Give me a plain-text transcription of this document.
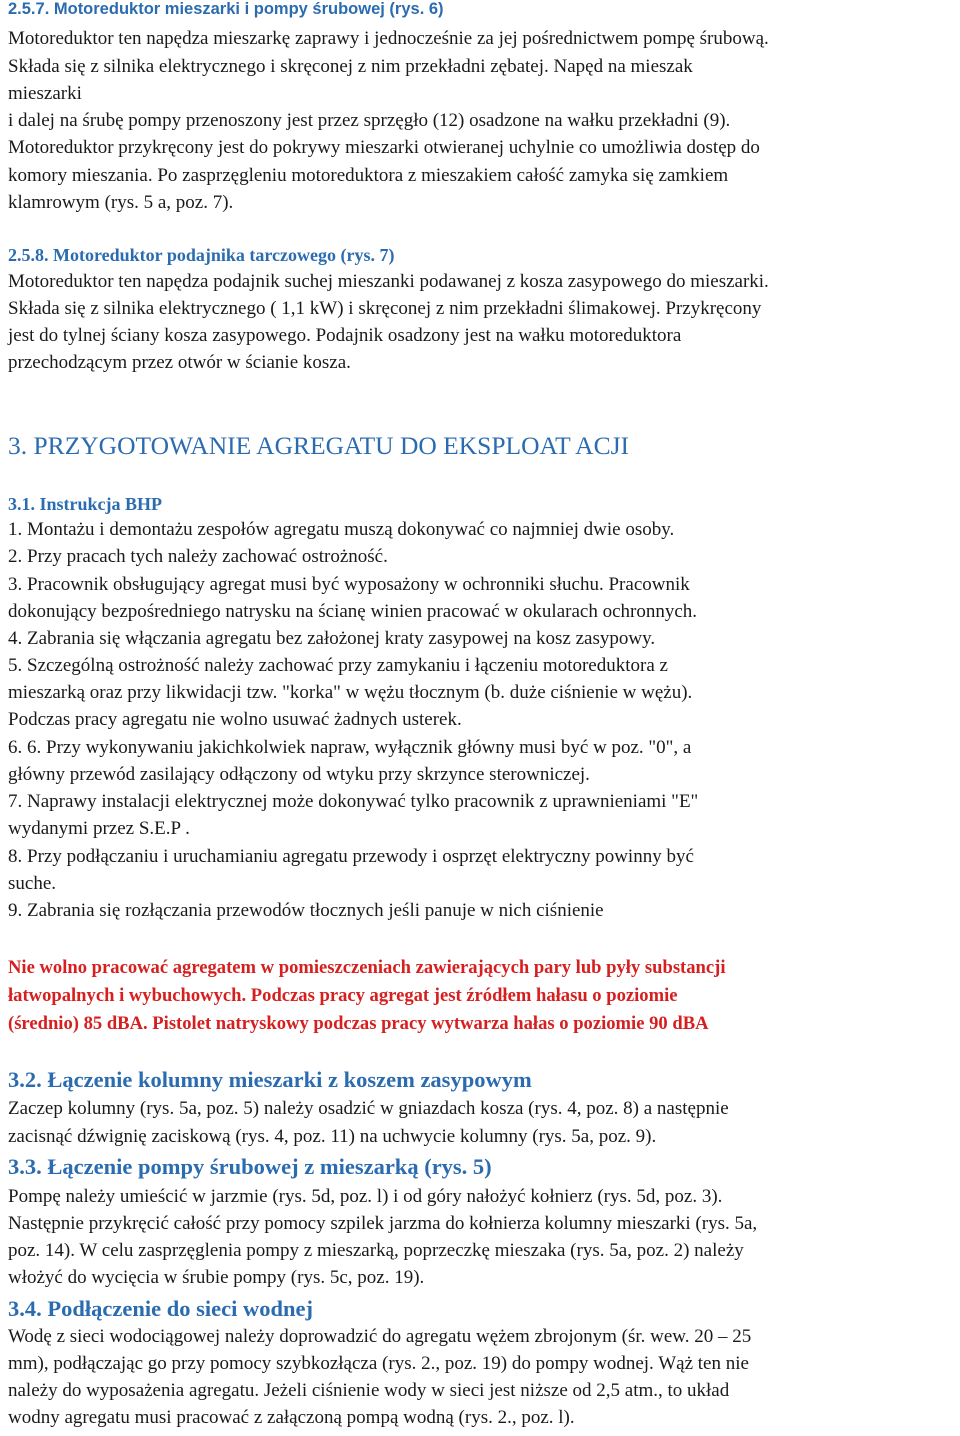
2.5.7. Motoreduktor mieszarki i pompy śrubowej (rys. 6)

Motoreduktor ten napędza mieszarkę zaprawy i jednocześnie za jej pośrednictwem pompę śrubową.

Składa się z silnika elektrycznego i skręconej z nim przekładni zębatej. Napęd na mieszak

mieszarki

i dalej na śrubę pompy przenoszony jest przez sprzęgło (12) osadzone na wałku przekładni (9).

Motoreduktor przykręcony jest do pokrywy mieszarki otwieranej uchylnie co umożliwia dostęp do

komory mieszania. Po zasprzęgleniu motoreduktora z mieszakiem całość zamyka się zamkiem

klamrowym (rys. 5 a, poz. 7).

2.5.8. Motoreduktor podajnika tarczowego (rys. 7)

Motoreduktor ten napędza podajnik suchej mieszanki podawanej z kosza zasypowego do mieszarki.

Składa się z silnika elektrycznego ( 1,1 kW) i skręconej z nim przekładni ślimakowej. Przykręcony

jest do tylnej ściany kosza zasypowego. Podajnik osadzony jest na wałku motoreduktora

przechodzącym przez otwór w ścianie kosza.

3. PRZYGOTOWANIE AGREGATU DO EKSPLOAT ACJI

3.1. Instrukcja BHP

1. Montażu i demontażu zespołów agregatu muszą dokonywać co najmniej dwie osoby.

2. Przy pracach tych należy zachować ostrożność.

3. Pracownik obsługujący agregat musi być wyposażony w ochronniki słuchu. Pracownik

dokonujący bezpośredniego natrysku na ścianę winien pracować w okularach ochronnych.

4. Zabrania się włączania agregatu bez założonej kraty zasypowej na kosz zasypowy.

5. Szczególną ostrożność należy zachować przy zamykaniu i łączeniu motoreduktora z

mieszarką oraz przy likwidacji tzw. "korka" w wężu tłocznym (b. duże ciśnienie w wężu).

Podczas pracy agregatu nie wolno usuwać żadnych usterek.

6. 6. Przy wykonywaniu jakichkolwiek napraw, wyłącznik główny musi być w poz. "0", a

główny przewód zasilający odłączony od wtyku przy skrzynce sterowniczej.

7. Naprawy instalacji elektrycznej może dokonywać tylko pracownik z uprawnieniami "E"

wydanymi przez S.E.P .

8. Przy podłączaniu i uruchamianiu agregatu przewody i osprzęt elektryczny powinny być

suche.

9. Zabrania się rozłączania przewodów tłocznych jeśli panuje w nich ciśnienie

Nie wolno pracować agregatem w pomieszczeniach zawierających pary lub pyły substancji

łatwopalnych i wybuchowych. Podczas pracy agregat jest źródłem hałasu o poziomie

(średnio) 85 dBA. Pistolet natryskowy podczas pracy wytwarza hałas o poziomie 90 dBA

3.2. Łączenie kolumny mieszarki z koszem zasypowym

Zaczep kolumny (rys. 5a, poz. 5) należy osadzić w gniazdach kosza (rys. 4, poz. 8) a następnie

zacisnąć dźwignię zaciskową (rys. 4, poz. 11) na uchwycie kolumny (rys. 5a, poz. 9).

3.3. Łączenie pompy śrubowej z mieszarką (rys. 5)

Pompę należy umieścić w jarzmie (rys. 5d, poz. l) i od góry nałożyć kołnierz (rys. 5d, poz. 3).

Następnie przykręcić całość przy pomocy szpilek jarzma do kołnierza kolumny mieszarki (rys. 5a,

poz. 14). W celu zasprzęglenia pompy z mieszarką, poprzeczkę mieszaka (rys. 5a, poz. 2) należy

włożyć do wycięcia w śrubie pompy (rys. 5c, poz. 19).

3.4. Podłączenie do sieci wodnej

Wodę z sieci wodociągowej należy doprowadzić do agregatu wężem zbrojonym (śr. wew. 20 – 25

mm), podłączając go przy pomocy szybkozłącza (rys. 2., poz. 19) do pompy wodnej. Wąż ten nie

należy do wyposażenia agregatu. Jeżeli ciśnienie wody w sieci jest niższe od 2,5 atm., to układ

wodny agregatu musi pracować z załączoną pompą wodną (rys. 2., poz. l).
